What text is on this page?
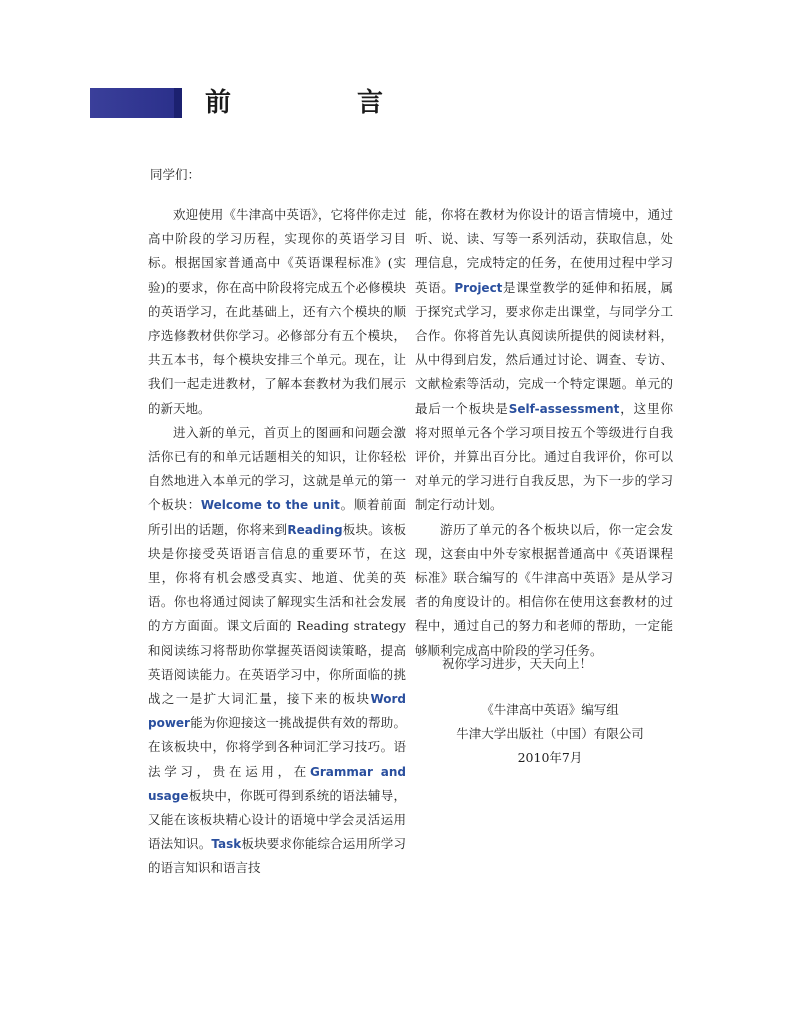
前　言
同学们：

欢迎使用《牛津高中英语》，它将伴你走过高中阶段的学习历程，实现你的英语学习目标。根据国家普通高中《英语课程标准》(实验)的要求，你在高中阶段将完成五个必修模块的英语学习，在此基础上，还有六个模块的顺序选修教材供你学习。必修部分有五个模块，共五本书，每个模块安排三个单元。现在，让我们一起走进教材，了解本套教材为我们展示的新天地。

进入新的单元，首页上的图画和问题会激活你已有的和单元话题相关的知识，让你轻松自然地进入本单元的学习，这就是单元的第一个板块：Welcome to the unit。顺着前面所引出的话题，你将来到Reading板块。该板块是你接受英语语言信息的重要环节，在这里，你将有机会感受真实、地道、优美的英语。你也将通过阅读了解现实生活和社会发展的方方面面。课文后面的 Reading strategy 和阅读练习将帮助你掌握英语阅读策略，提高英语阅读能力。在英语学习中，你所面临的挑战之一是扩大词汇量，接下来的板块Word power能为你迎接这一挑战提供有效的帮助。在该板块中，你将学到各种词汇学习技巧。语法学习，贵在运用，在Grammar and usage板块中，你既可得到系统的语法辅导，又能在该板块精心设计的语境中学会灵活运用语法知识。Task板块要求你能综合运用所学习的语言知识和语言技

能，你将在教材为你设计的语言情境中，通过听、说、读、写等一系列活动，获取信息，处理信息，完成特定的任务，在使用过程中学习英语。Project是课堂教学的延伸和拓展，属于探究式学习，要求你走出课堂，与同学分工合作。你将首先认真阅读所提供的阅读材料，从中得到启发，然后通过讨论、调查、专访、文献检索等活动，完成一个特定课题。单元的最后一个板块是Self-assessment，这里你将对照单元各个学习项目按五个等级进行自我评价，并算出百分比。通过自我评价，你可以对单元的学习进行自我反思，为下一步的学习制定行动计划。

游历了单元的各个板块以后，你一定会发现，这套由中外专家根据普通高中《英语课程标准》联合编写的《牛津高中英语》是从学习者的角度设计的。相信你在使用这套教材的过程中，通过自己的努力和老师的帮助，一定能够顺利完成高中阶段的学习任务。

祝你学习进步，天天向上！
《牛津高中英语》编写组
牛津大学出版社（中国）有限公司
2010年7月
